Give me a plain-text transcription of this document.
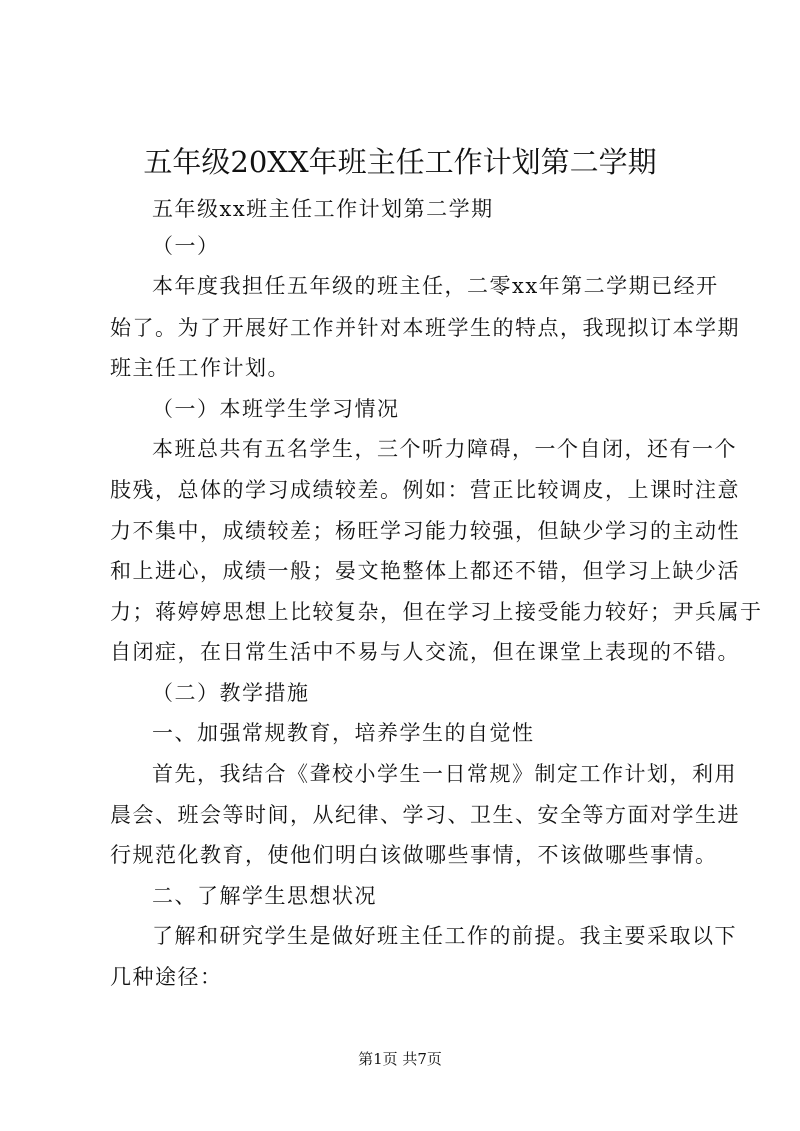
五年级20XX年班主任工作计划第二学期
五年级xx班主任工作计划第二学期
（一）
本年度我担任五年级的班主任，二零xx年第二学期已经开
始了。为了开展好工作并针对本班学生的特点，我现拟订本学期
班主任工作计划。
（一）本班学生学习情况
本班总共有五名学生，三个听力障碍，一个自闭，还有一个
肢残，总体的学习成绩较差。例如：营正比较调皮，上课时注意
力不集中，成绩较差；杨旺学习能力较强，但缺少学习的主动性
和上进心，成绩一般；晏文艳整体上都还不错，但学习上缺少活
力；蒋婷婷思想上比较复杂，但在学习上接受能力较好；尹兵属于
自闭症，在日常生活中不易与人交流，但在课堂上表现的不错。
（二）教学措施
一、加强常规教育，培养学生的自觉性
首先，我结合《聋校小学生一日常规》制定工作计划，利用
晨会、班会等时间，从纪律、学习、卫生、安全等方面对学生进
行规范化教育，使他们明白该做哪些事情，不该做哪些事情。
二、了解学生思想状况
了解和研究学生是做好班主任工作的前提。我主要采取以下
几种途径：
第1页 共7页
